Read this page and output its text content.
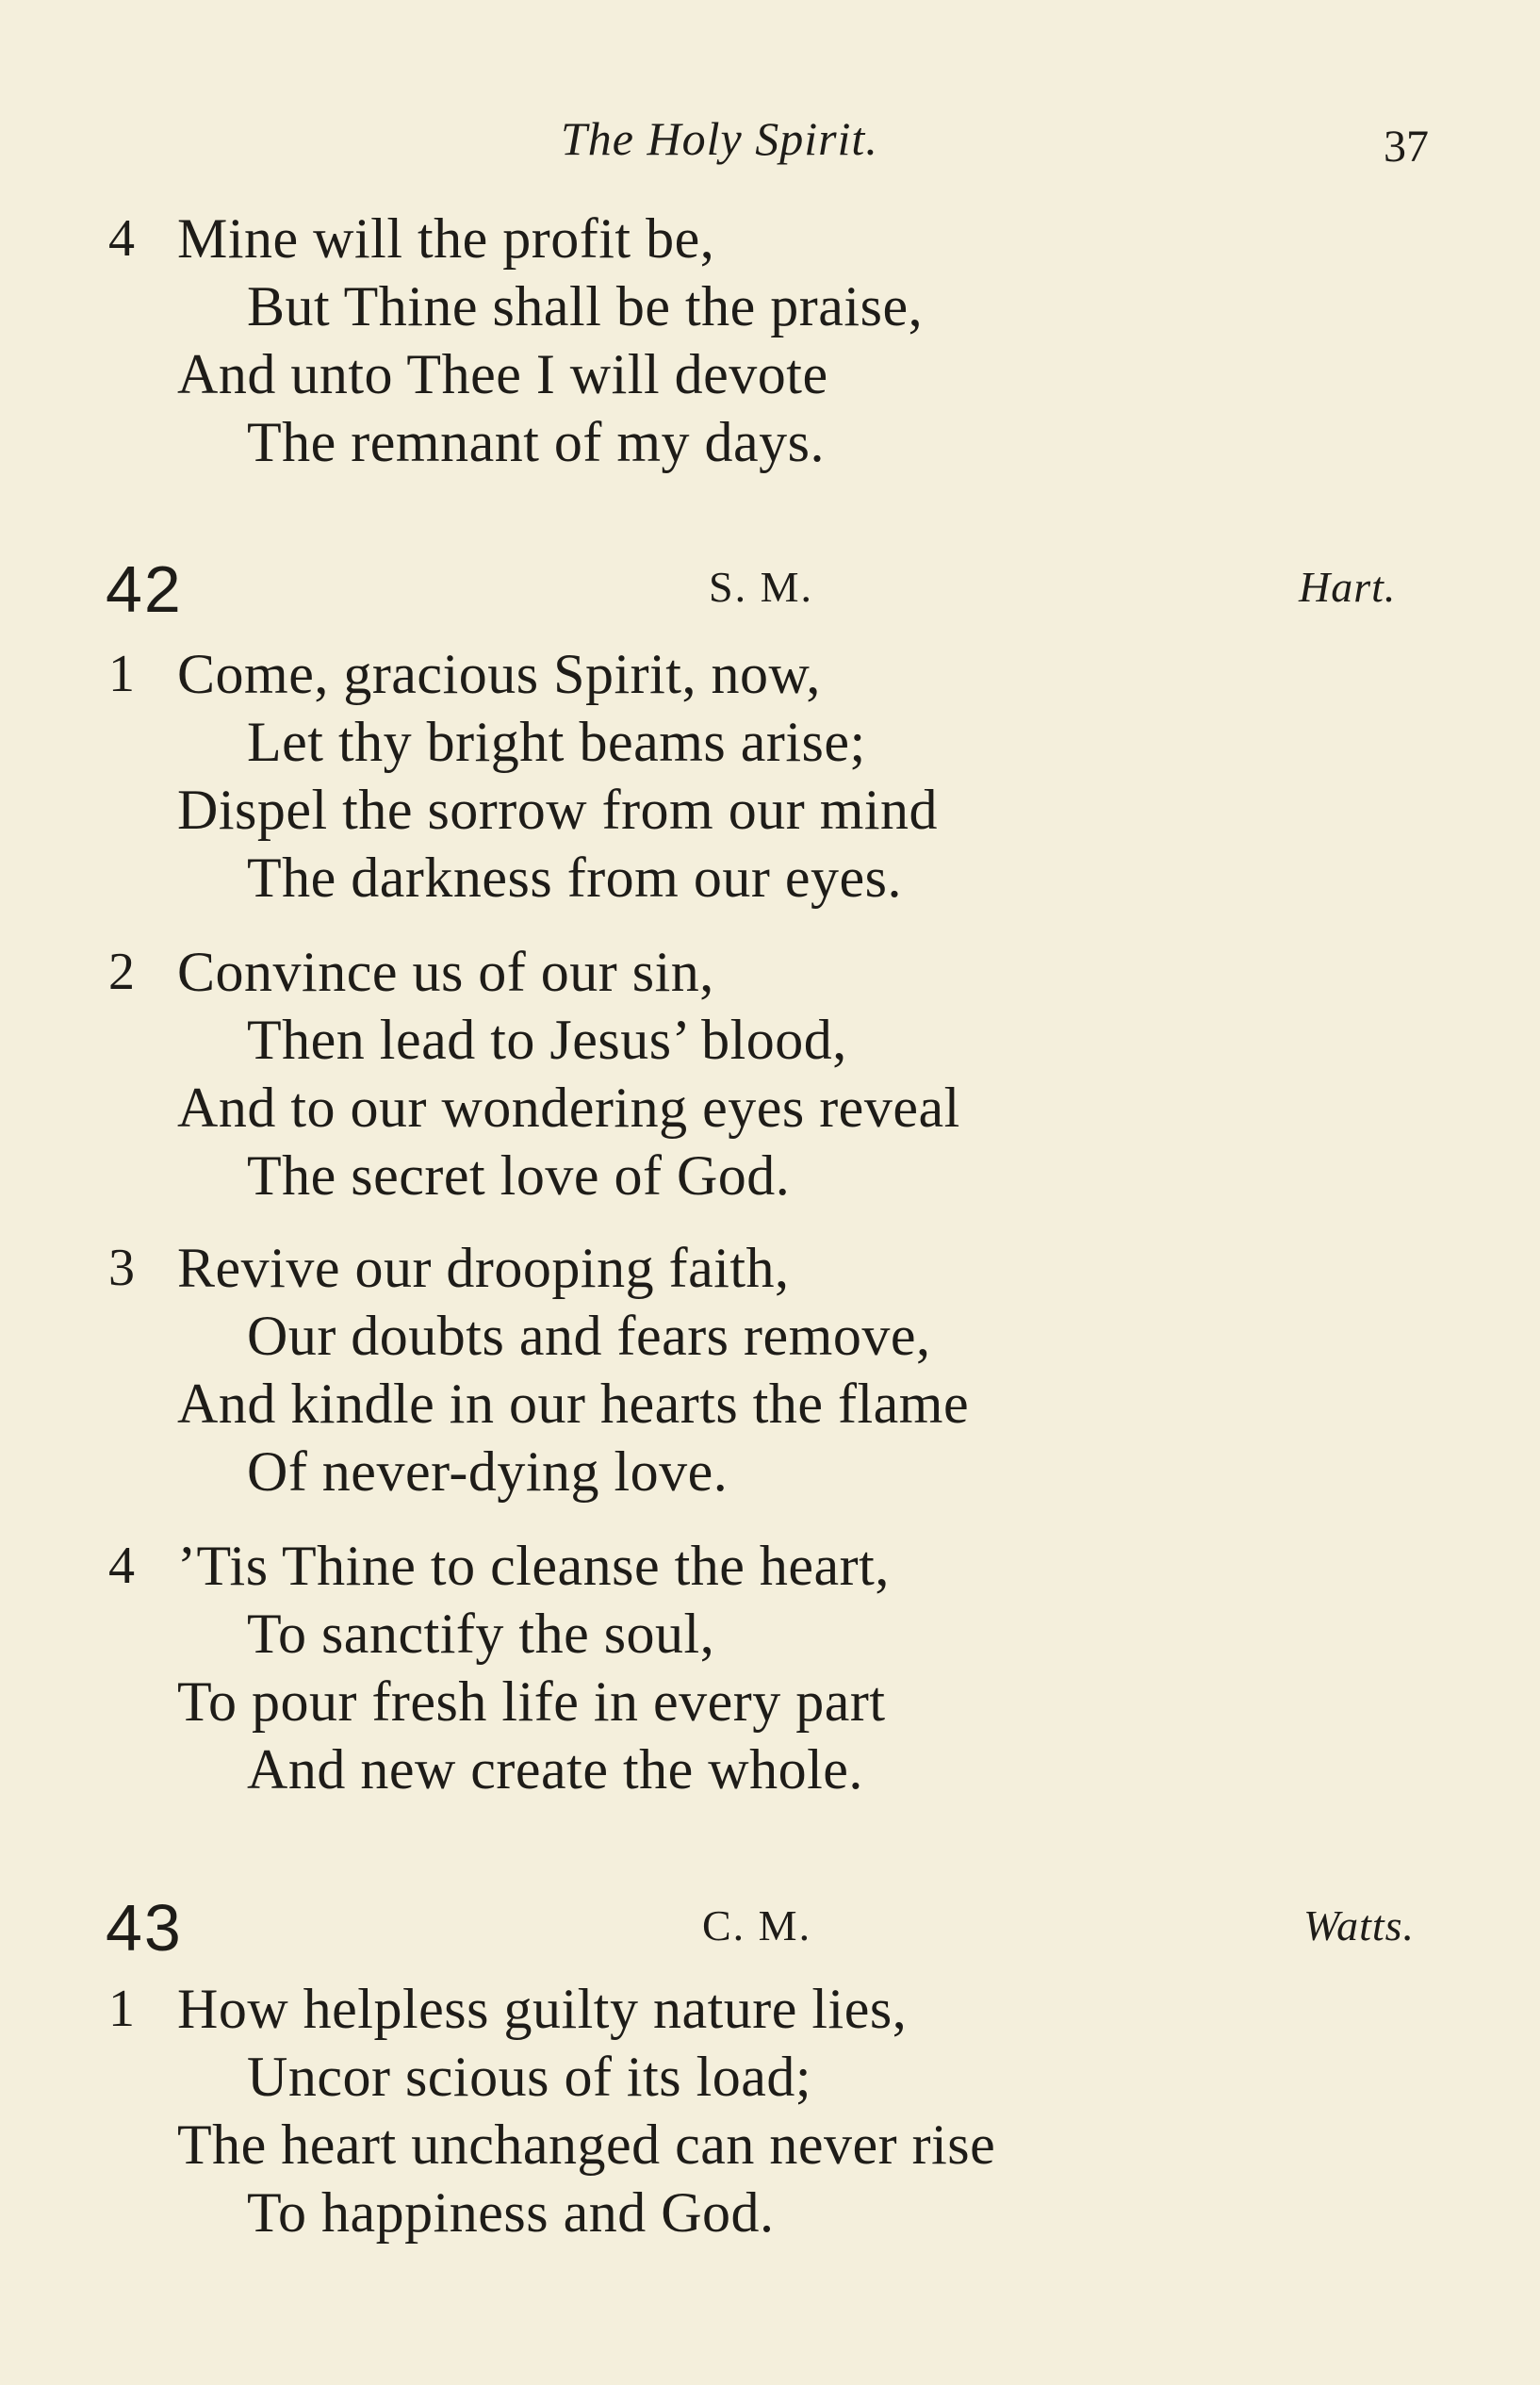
The Holy Spirit.	37
4 Mine will the profit be,
But Thine shall be the praise,
And unto Thee I will devote
The remnant of my days.
42	S. M.	Hart.
1 Come, gracious Spirit, now,
Let thy bright beams arise;
Dispel the sorrow from our mind
The darkness from our eyes.
2 Convince us of our sin,
Then lead to Jesus’ blood,
And to our wondering eyes reveal
The secret love of God.
3 Revive our drooping faith,
Our doubts and fears remove,
And kindle in our hearts the flame
Of never-dying love.
4 ’Tis Thine to cleanse the heart,
To sanctify the soul,
To pour fresh life in every part
And new create the whole.
43	C. M.	Watts.
1 How helpless guilty nature lies,
Uncor scious of its load;
The heart unchanged can never rise
To happiness and God.
